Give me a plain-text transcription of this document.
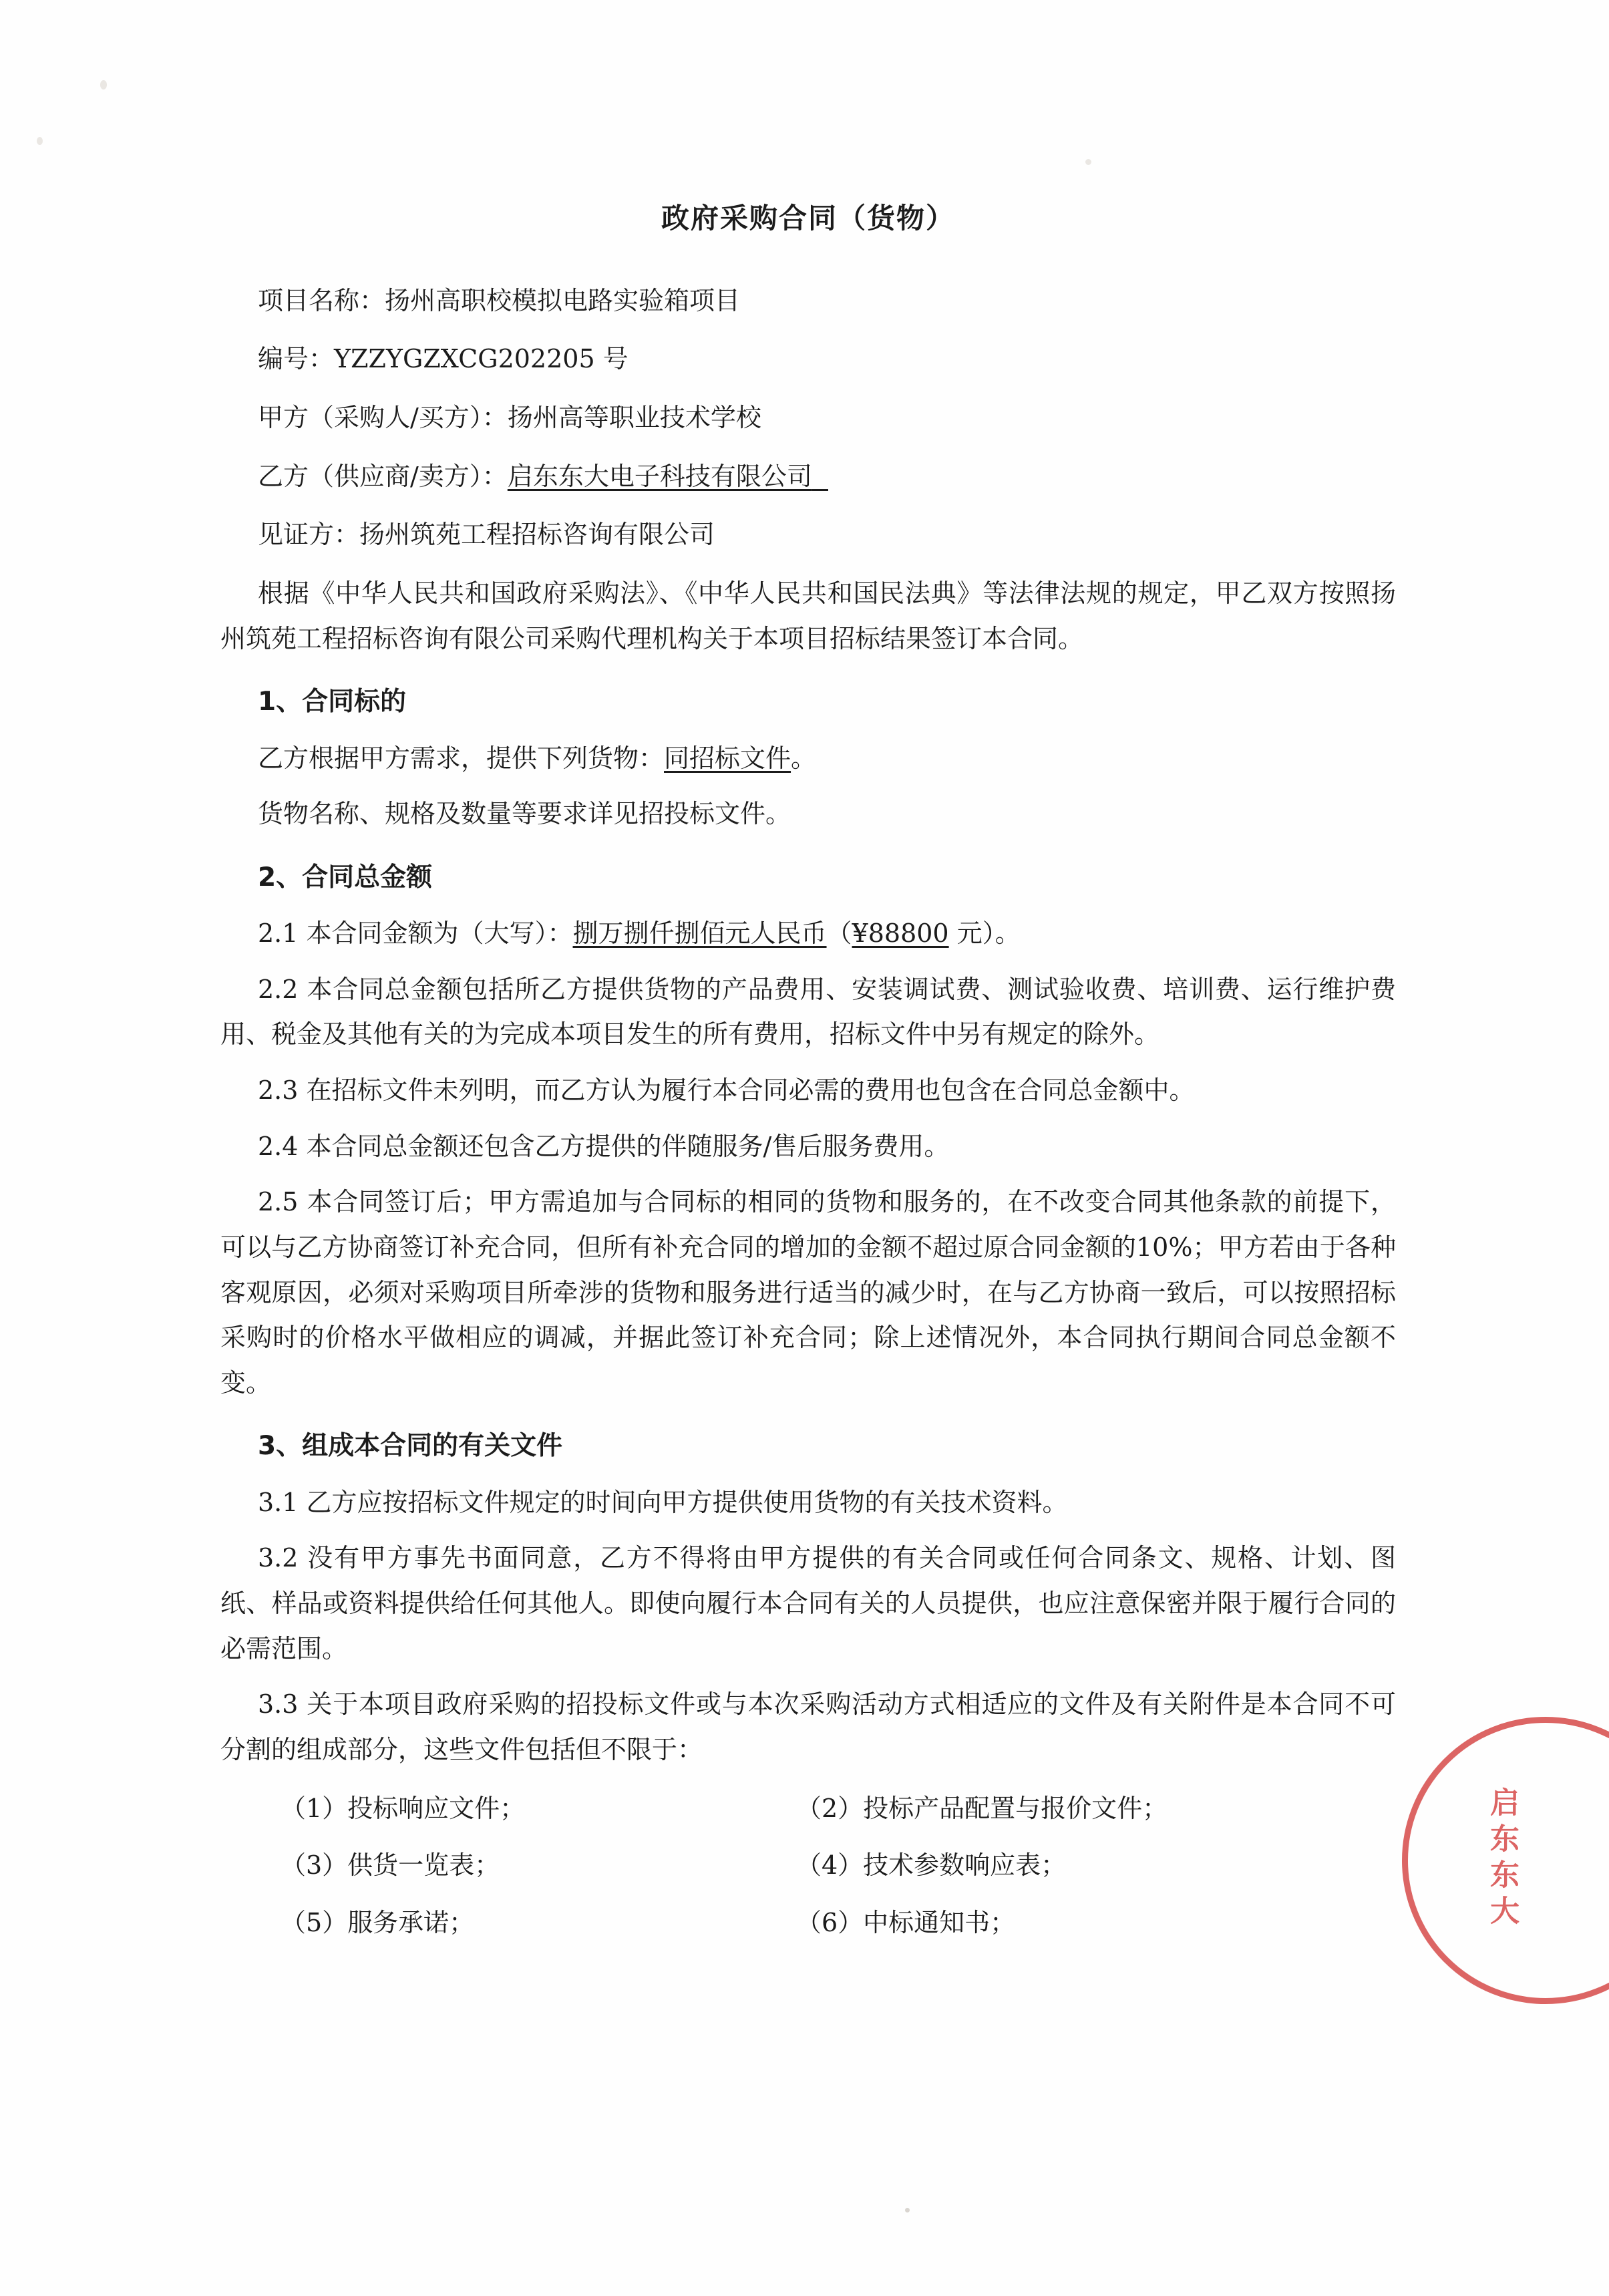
政府采购合同（货物）
项目名称：扬州高职校模拟电路实验箱项目
编号：YZZYGZXCG202205 号
甲方（采购人/买方）：扬州高等职业技术学校
乙方（供应商/卖方）：启东东大电子科技有限公司
见证方：扬州筑苑工程招标咨询有限公司

根据《中华人民共和国政府采购法》、《中华人民共和国民法典》等法律法规的规定，甲乙双方按照扬州筑苑工程招标咨询有限公司采购代理机构关于本项目招标结果签订本合同。

1、合同标的

乙方根据甲方需求，提供下列货物：同招标文件。

货物名称、规格及数量等要求详见招投标文件。

2、合同总金额

2.1 本合同金额为（大写）：捌万捌仟捌佰元人民币（¥88800 元）。

2.2 本合同总金额包括所乙方提供货物的产品费用、安装调试费、测试验收费、培训费、运行维护费用、税金及其他有关的为完成本项目发生的所有费用，招标文件中另有规定的除外。

2.3 在招标文件未列明，而乙方认为履行本合同必需的费用也包含在合同总金额中。

2.4 本合同总金额还包含乙方提供的伴随服务/售后服务费用。

2.5 本合同签订后；甲方需追加与合同标的相同的货物和服务的，在不改变合同其他条款的前提下，可以与乙方协商签订补充合同，但所有补充合同的增加的金额不超过原合同金额的10%；甲方若由于各种客观原因，必须对采购项目所牵涉的货物和服务进行适当的减少时，在与乙方协商一致后，可以按照招标采购时的价格水平做相应的调减，并据此签订补充合同；除上述情况外，本合同执行期间合同总金额不变。

3、组成本合同的有关文件

3.1 乙方应按招标文件规定的时间向甲方提供使用货物的有关技术资料。

3.2 没有甲方事先书面同意，乙方不得将由甲方提供的有关合同或任何合同条文、规格、计划、图纸、样品或资料提供给任何其他人。即使向履行本合同有关的人员提供，也应注意保密并限于履行合同的必需范围。

3.3 关于本项目政府采购的招投标文件或与本次采购活动方式相适应的文件及有关附件是本合同不可分割的组成部分，这些文件包括但不限于：

（1）投标响应文件；	（2）投标产品配置与报价文件；
（3）供货一览表；	（4）技术参数响应表；
（5）服务承诺；	（6）中标通知书；	启东东大
